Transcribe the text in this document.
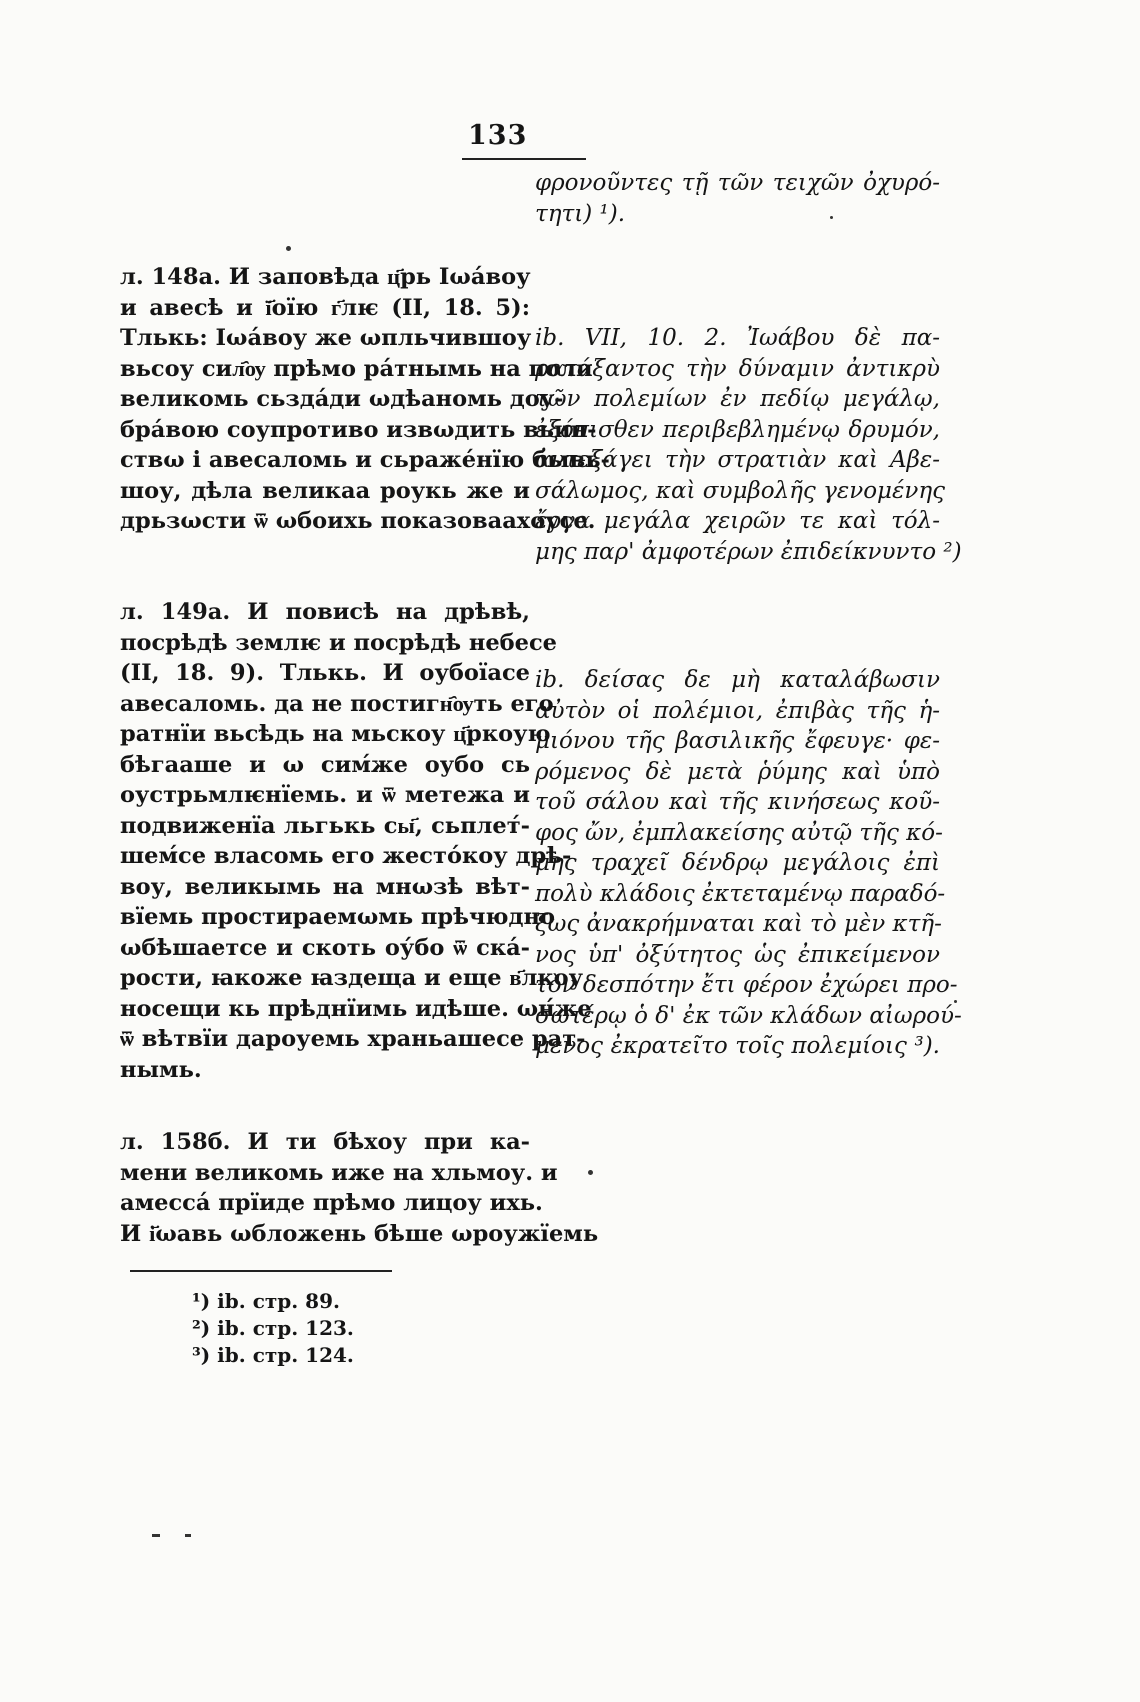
133

φρονοῦντες τῇ τῶν τειχῶν ὀχυρό-

τητι) ¹).

л. 148a. И заповѣда ц҃рь Iωа́воу

и авесѣ и ї҃оїю г҃лѥ (II, 18. 5):

Тлькь: Iωа́воу же ωпльчившоу

вьсоу сил҄ѹ прѣмо ра́тнымь на поли

великомь сьзда́ди ωдѣаномь доу-

бра́вою соупротиво извωдить вьин-

ствω і авесаломь и сьраже́нїю бывь-

шоу, дѣла великаа роукь же и

дрьзωсти ѿ ωбоихь показоваахоусе.

ib. VII, 10. 2. Ἰωάβου δὲ πα-

ρατάξαντος τὴν δύναμιν ἀντικρὺ

τῶν πολεμίων ἐν πεδίῳ μεγάλῳ,

ἐξόπισθεν περιβεβλημένῳ δρυμόν,

ἀντεξάγει τὴν στρατιὰν καὶ Αβε-

σάλωμος, καὶ συμβολῆς γενομένης

ἔργα μεγάλα χειρῶν τε καὶ τόλ-

μης παρ' ἀμφοτέρων ἐπιδείκνυντο ²)

л. 149a. И повисѣ на дрѣвѣ,

посрѣдѣ землѥ и посрѣдѣ небесе

(II, 18. 9). Тлькь. И оубоїасе

авесаломь. да не постигн҄ѹть его

ратнїи вьсѣдь на мьскоу ц҃ркоую

бѣгааше и ω сим́же оубо сь

оустрьмлѥнїемь. и ѿ метежа и

подвиженїа льгькь сы҃, сьплет́-

шем́се власомь его жесто́коу дрѣ-

воу, великымь на мнωзѣ вѣт-

вїемь простираемωмь прѣчюдно

ωбѣшаетсе и скоть оу́бо ѿ ска́-

рости, ꙗкоже ꙗздеща и еще в҃лкоу

носещи кь прѣднїимь идѣше. ωн́же

ѿ вѣтвїи дароуемь храньашесе рат-

нымь.

ib. δείσας δε μὴ καταλάβωσιν

αὐτὸν οἱ πολέμιοι, ἐπιβὰς τῆς ἡ-

μιόνου τῆς βασιλικῆς ἔφευγε· φε-

ρόμενος δὲ μετὰ ῥύμης καὶ ὑπὸ

τοῦ σάλου καὶ τῆς κινήσεως κοῦ-

φος ὤν, ἐμπλακείσης αὐτῷ τῆς κό-

μης τραχεῖ δένδρῳ μεγάλοις ἐπὶ

πολὺ κλάδοις ἐκτεταμένῳ παραδό-

ξως ἀνακρήμναται καὶ τὸ μὲν κτῆ-

νος ὑπ' ὀξύτητος ὡς ἐπικείμενον

τὸν δεσπότην ἔτι φέρον ἐχώρει προ-

σωτέρῳ ὁ δ' ἐκ τῶν κλάδων αἰωρού-

μενος ἐκρατεῖτο τοῖς πολεμίοις ³).

л. 158б. И ти бѣхоу при ка-

мени великомь иже на хльмоу. и

амесса́ прїиде прѣмо лицоу ихь.

И і҃ωавь ωбложень бѣше ωроужїемь

¹) ib. стр. 89.
²) ib. стр. 123.
³) ib. стр. 124.
